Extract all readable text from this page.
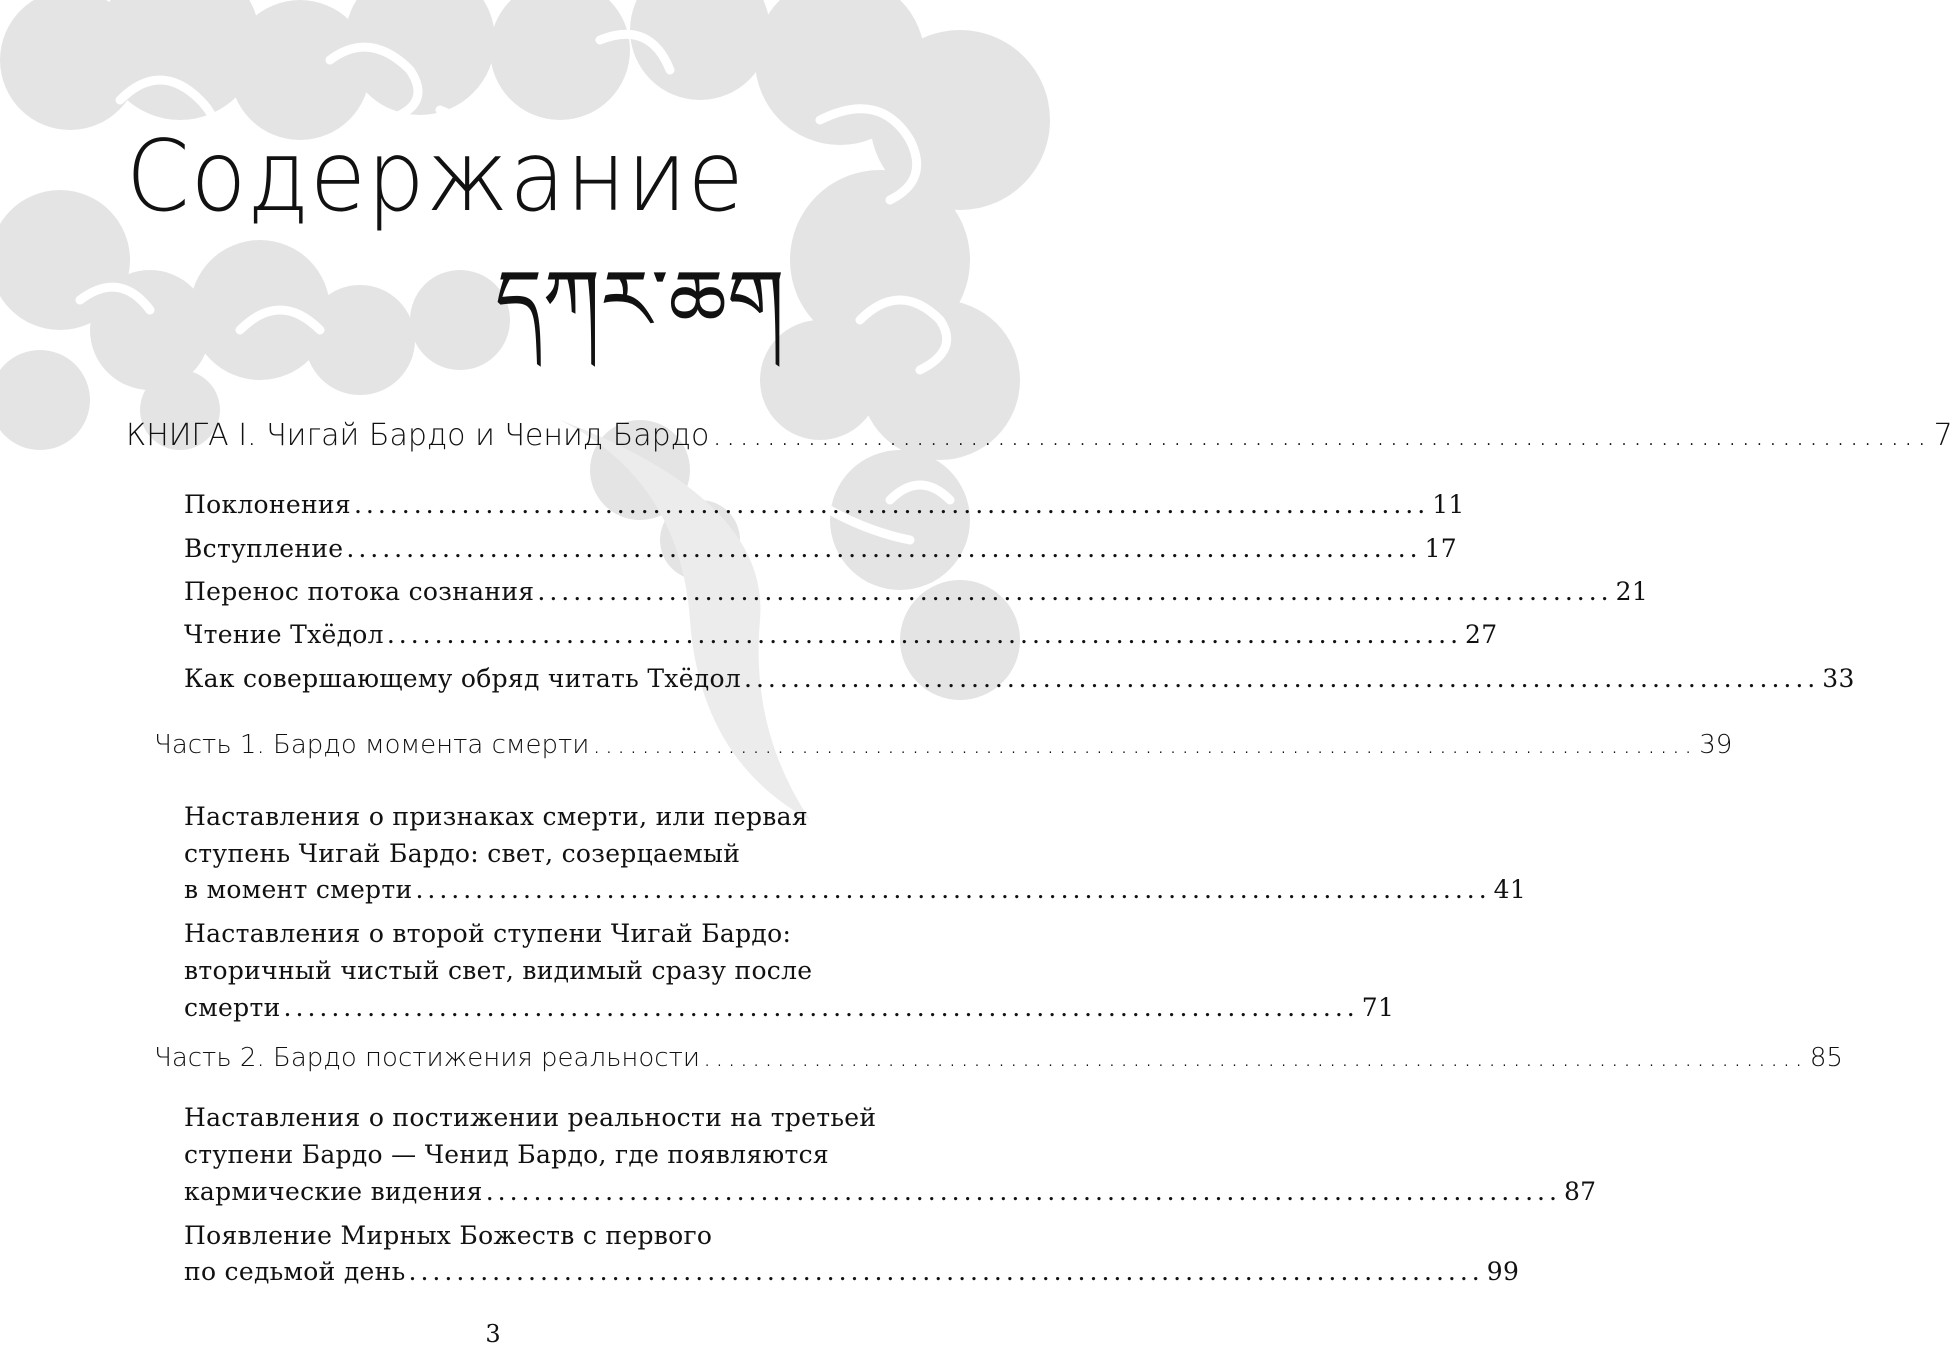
Содержание
དཀར་ཆག
КНИГА I. Чигай Бардо и Ченид Бардо .......................................................................................... 7
Поклонения .......................................................................................... 11
Вступление .......................................................................................... 17
Перенос потока сознания .......................................................................................... 21
Чтение Тхёдол .......................................................................................... 27
Как совершающему обряд читать Тхёдол .......................................................................................... 33
Часть 1. Бардо момента смерти .......................................................................................... 39
Наставления о признаках смерти, или первая
ступень Чигай Бардо: свет, созерцаемый
в момент смерти .......................................................................................... 41
Наставления о второй ступени Чигай Бардо:
вторичный чистый свет, видимый сразу после
смерти .......................................................................................... 71
Часть 2. Бардо постижения реальности .......................................................................................... 85
Наставления о постижении реальности на третьей
ступени Бардо — Ченид Бардо, где появляются
кармические видения .......................................................................................... 87
Появление Мирных Божеств с первого
по седьмой день .......................................................................................... 99
3
